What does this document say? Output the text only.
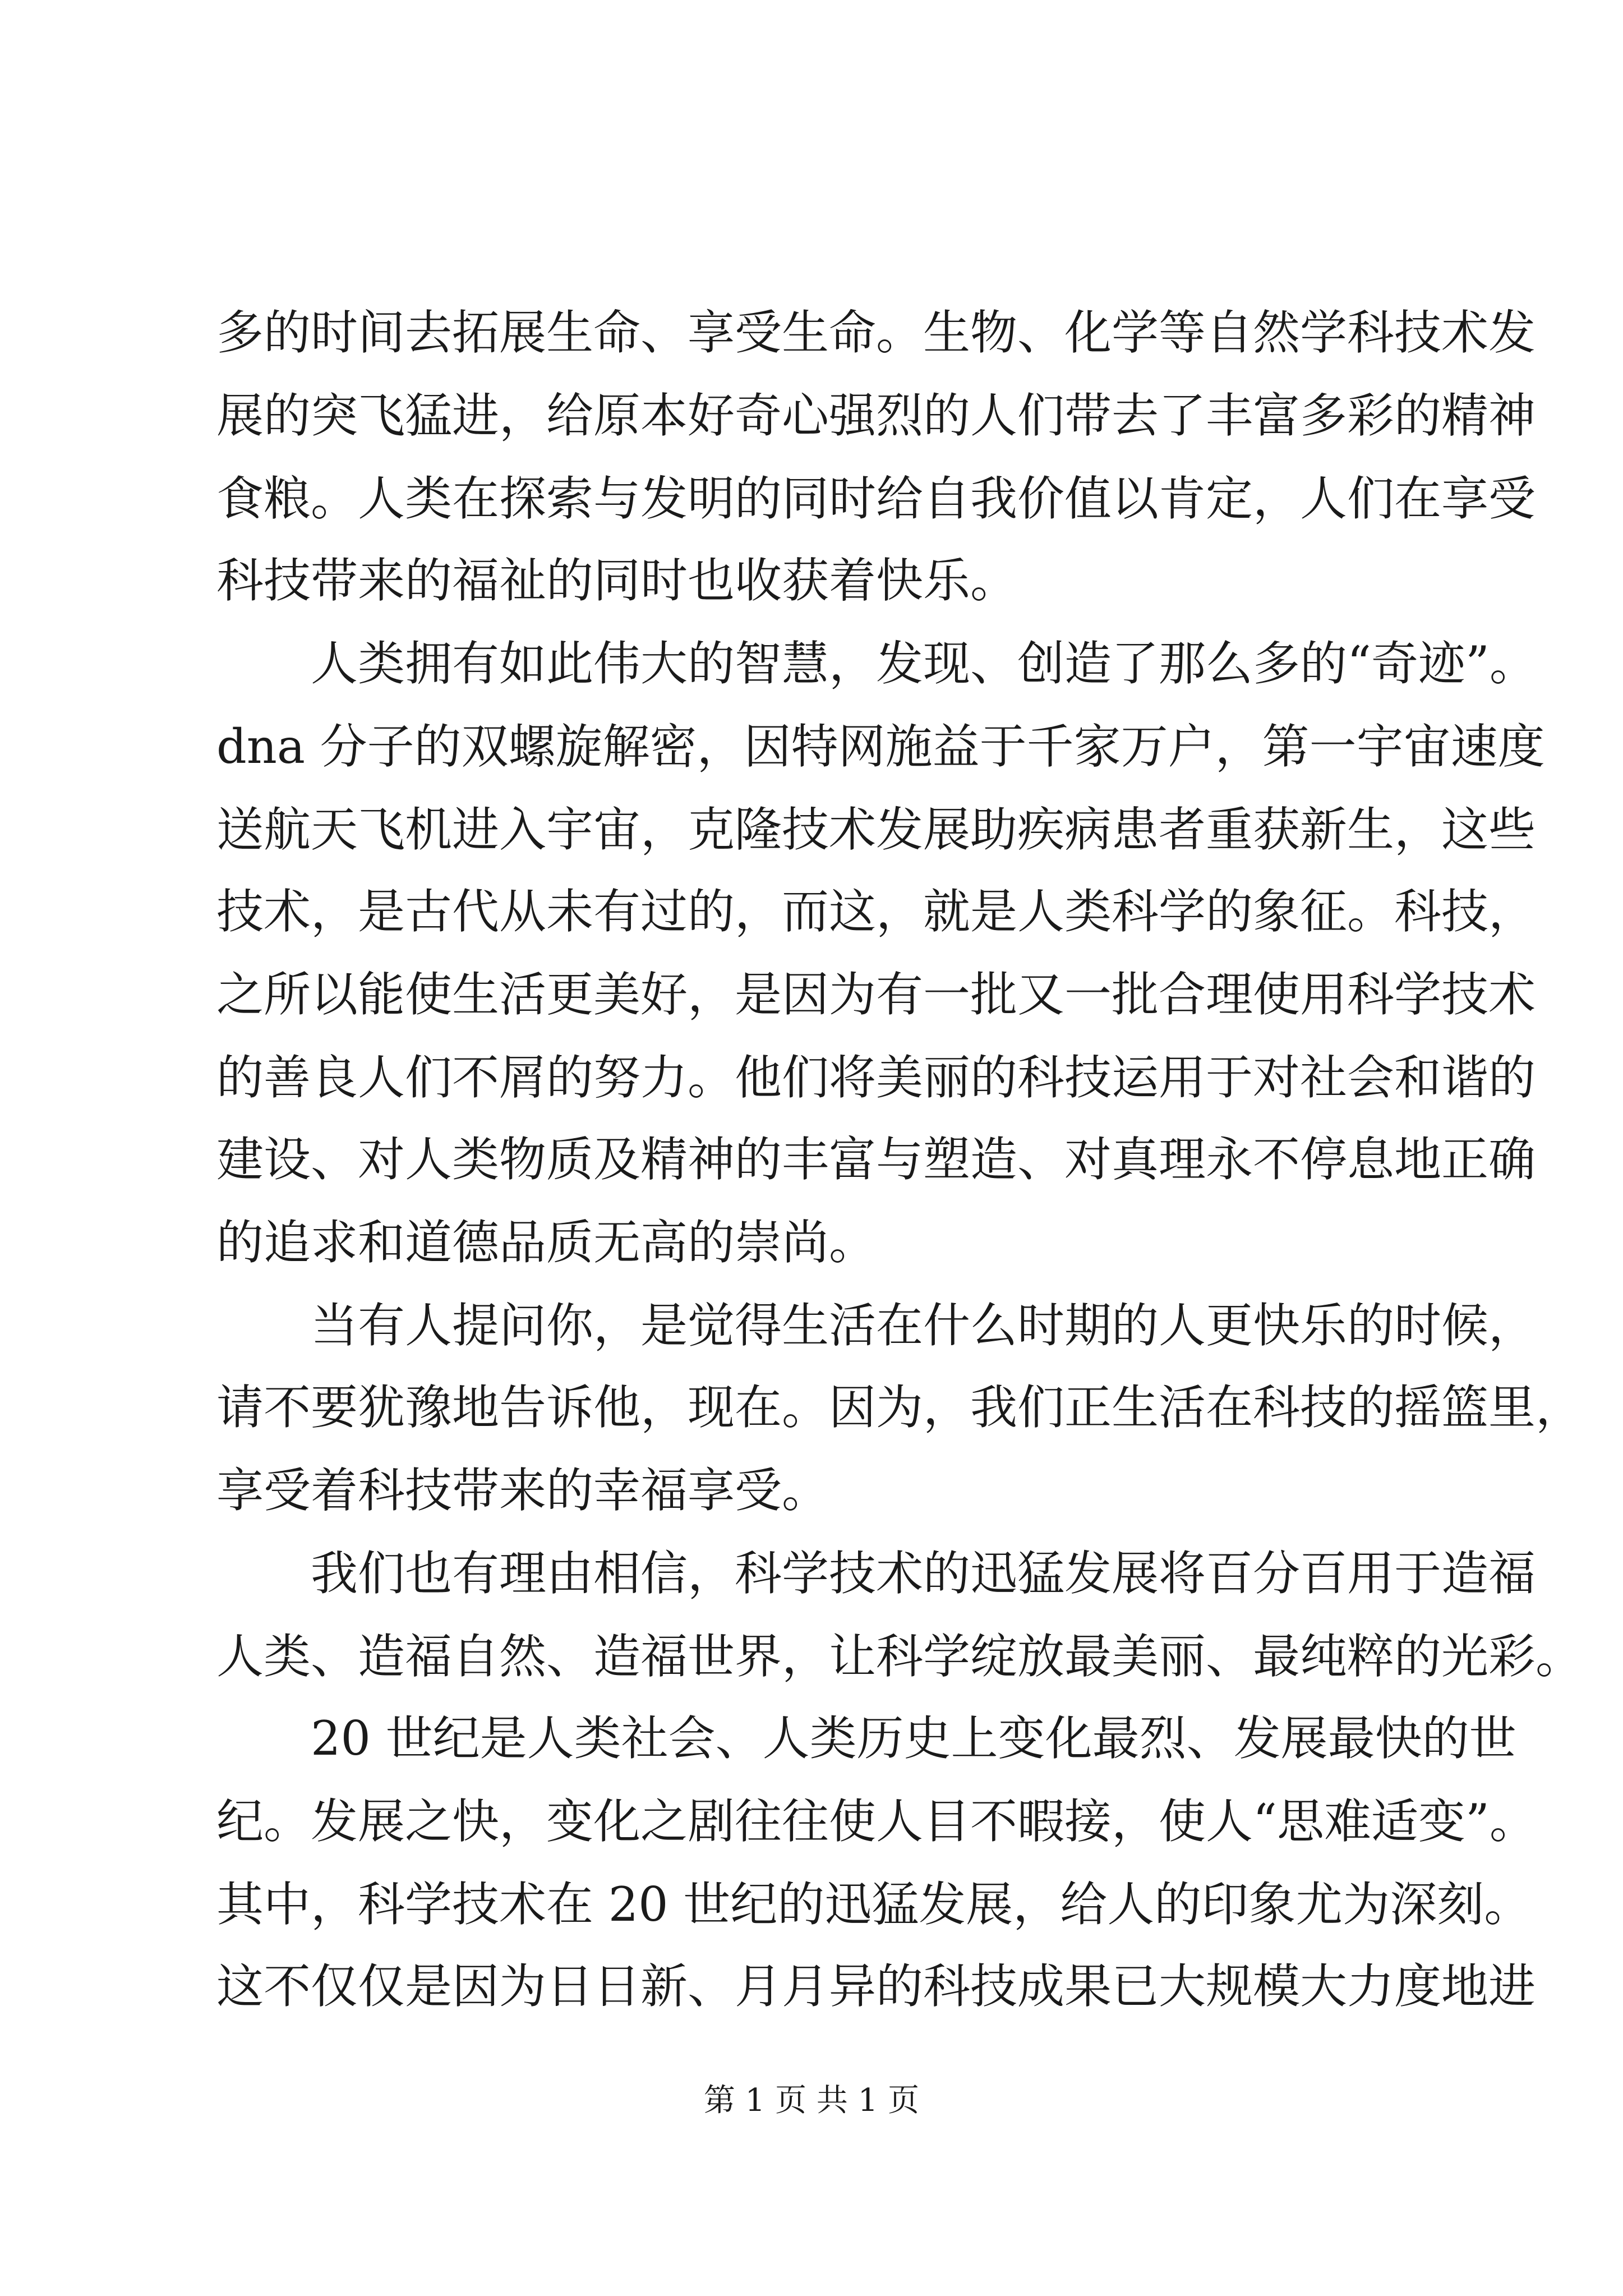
多的时间去拓展生命、享受生命。生物、化学等自然学科技术发
展的突飞猛进，给原本好奇心强烈的人们带去了丰富多彩的精神
食粮。人类在探索与发明的同时给自我价值以肯定，人们在享受
科技带来的福祉的同时也收获着快乐。
人类拥有如此伟大的智慧，发现、创造了那么多的“奇迹”。
dna 分子的双螺旋解密，因特网施益于千家万户，第一宇宙速度
送航天飞机进入宇宙，克隆技术发展助疾病患者重获新生，这些
技术，是古代从未有过的，而这，就是人类科学的象征。科技，
之所以能使生活更美好，是因为有一批又一批合理使用科学技术
的善良人们不屑的努力。他们将美丽的科技运用于对社会和谐的
建设、对人类物质及精神的丰富与塑造、对真理永不停息地正确
的追求和道德品质无高的崇尚。
当有人提问你，是觉得生活在什么时期的人更快乐的时候，
请不要犹豫地告诉他，现在。因为，我们正生活在科技的摇篮里，
享受着科技带来的幸福享受。
我们也有理由相信，科学技术的迅猛发展将百分百用于造福
人类、造福自然、造福世界，让科学绽放最美丽、最纯粹的光彩。
20 世纪是人类社会、人类历史上变化最烈、发展最快的世
纪。发展之快，变化之剧往往使人目不暇接，使人“思难适变”。
其中，科学技术在 20 世纪的迅猛发展，给人的印象尤为深刻。
这不仅仅是因为日日新、月月异的科技成果已大规模大力度地进
第 1 页 共 1 页
